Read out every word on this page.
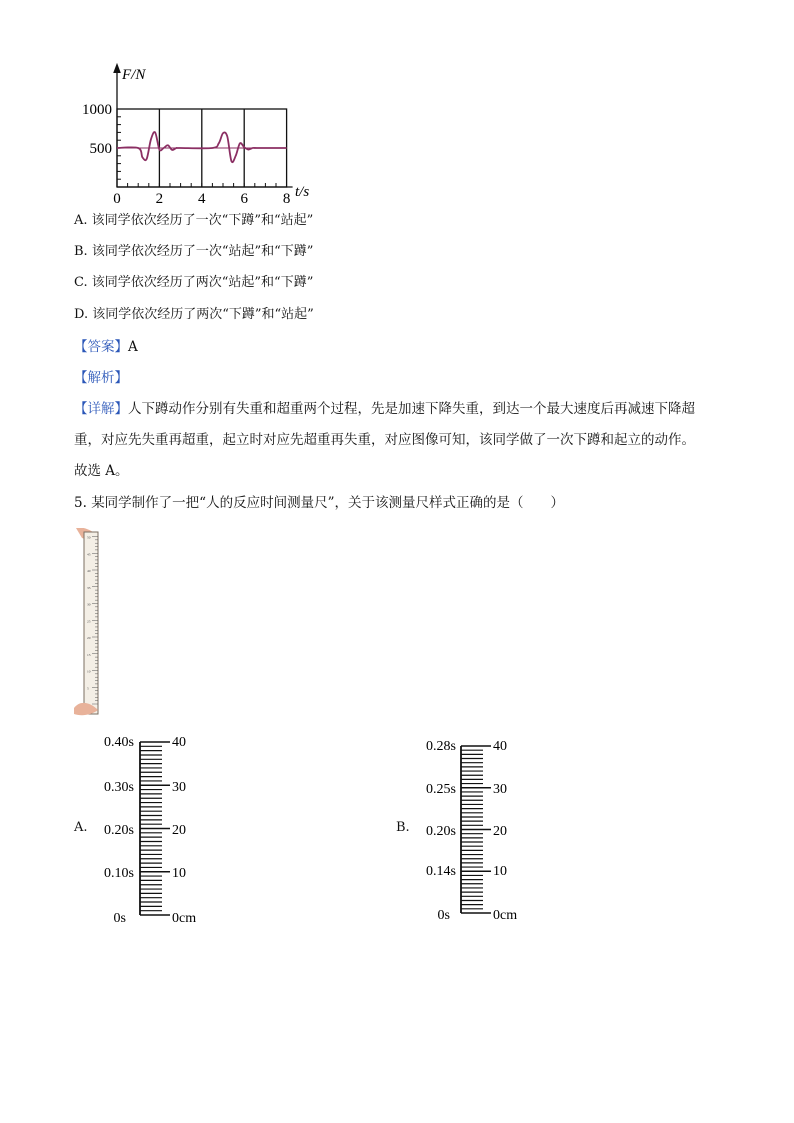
0 2 4 6 8
500
1000
F/N
t/s
A. 该同学依次经历了一次“下蹲”和“站起”
B. 该同学依次经历了一次“站起”和“下蹲”
C. 该同学依次经历了两次“站起”和“下蹲”
D. 该同学依次经历了两次“下蹲”和“站起”
【答案】A
【解析】
【详解】人下蹲动作分别有失重和超重两个过程，先是加速下降失重，到达一个最大速度后再减速下降超
重，对应先失重再超重，起立时对应先超重再失重，对应图像可知，该同学做了一次下蹲和起立的动作。
故选 A。
5. 某同学制作了一把“人的反应时间测量尺”，关于该测量尺样式正确的是（　　）
5
10
15
20
25
30
35
40
45
50
A.
0.40s
0.30s
0.20s
0.10s
0s
40
30
20
10
0cm
B.
0.28s
0.25s
0.20s
0.14s
0s
40
30
20
10
0cm
